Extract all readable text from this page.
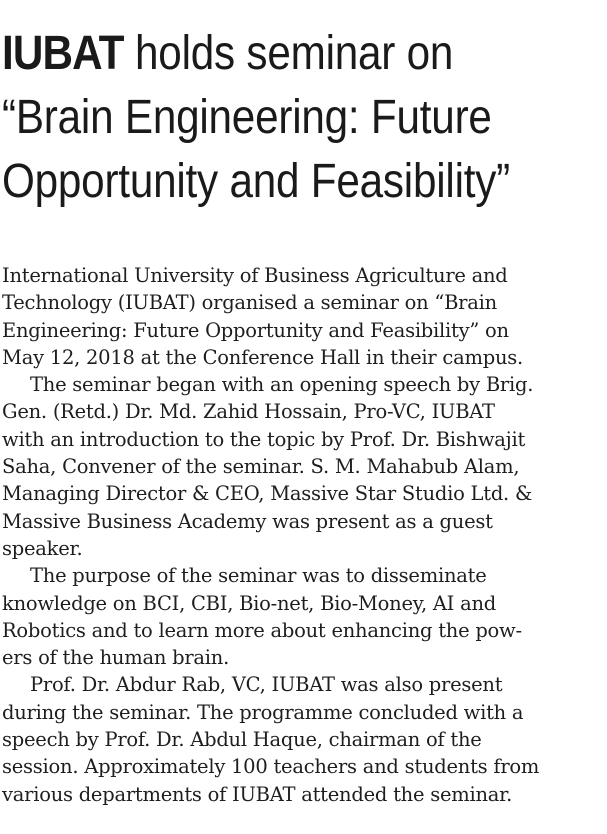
IUBAT holds seminar on
“Brain Engineering: Future
Opportunity and Feasibility”
International University of Business Agriculture and
Technology (IUBAT) organised a seminar on “Brain
Engineering: Future Opportunity and Feasibility” on
May 12, 2018 at the Conference Hall in their campus.
The seminar began with an opening speech by Brig.
Gen. (Retd.) Dr. Md. Zahid Hossain, Pro-VC, IUBAT
with an introduction to the topic by Prof. Dr. Bishwajit
Saha, Convener of the seminar. S. M. Mahabub Alam,
Managing Director & CEO, Massive Star Studio Ltd. &
Massive Business Academy was present as a guest
speaker.
The purpose of the seminar was to disseminate
knowledge on BCI, CBI, Bio-net, Bio-Money, AI and
Robotics and to learn more about enhancing the pow-
ers of the human brain.
Prof. Dr. Abdur Rab, VC, IUBAT was also present
during the seminar. The programme concluded with a
speech by Prof. Dr. Abdul Haque, chairman of the
session. Approximately 100 teachers and students from
various departments of IUBAT attended the seminar.
